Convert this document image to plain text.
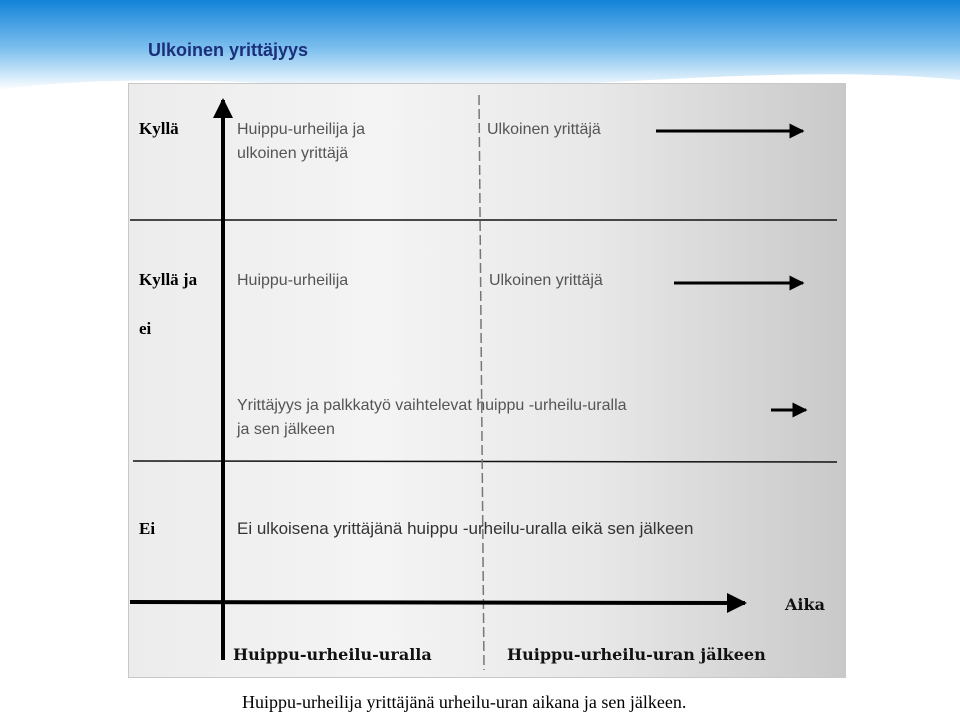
Ulkoinen yrittäjyys
Kyllä	Huippu‐urheilija ja
ulkoinen yrittäjä
Ulkoinen yrittäjä
Kyllä ja
ei
Huippu‐urheilija	Ulkoinen yrittäjä
Yrittäjyys ja palkkatyö vaihtelevat huippu ‐urheilu‐uralla
ja sen jälkeen
Ei	Ei ulkoisena yrittäjänä huippu ‐urheilu‐uralla eikä sen jälkeen
Aika
Huippu‐urheilu‐uralla	Huippu‐urheilu‐uran jälkeen
Huippu‐urheilija yrittäjänä urheilu-uran aikana ja sen jälkeen.
